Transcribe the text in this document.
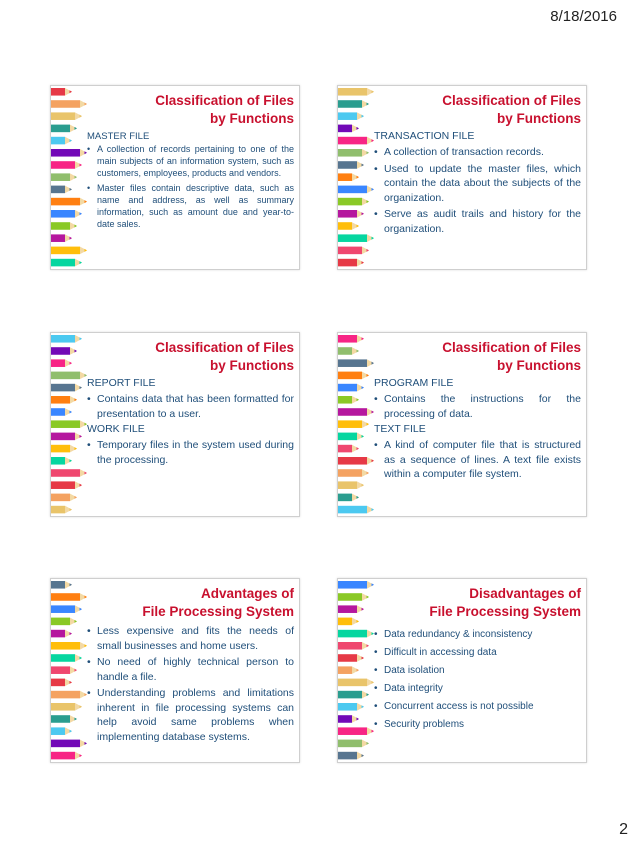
8/18/2016
Classification of Files
by Functions
MASTER FILE
• A collection of records pertaining to one of the main subjects of an information system, such as customers, employees, products and vendors.
• Master files contain descriptive data, such as name and address, as well as summary information, such as amount due and year-to-date sales.
Classification of Files
by Functions
TRANSACTION FILE
• A collection of transaction records.
• Used to update the master files, which contain the data about the subjects of the organization.
• Serve as audit trails and history for the organization.
Classification of Files
by Functions
REPORT FILE
• Contains data that has been formatted for presentation to a user.
WORK FILE
• Temporary files in the system used during the processing.
Classification of Files
by Functions
PROGRAM FILE
• Contains the instructions for the processing of data.
TEXT FILE
• A kind of computer file that is structured as a sequence of lines. A text file exists within a computer file system.
Advantages of
File Processing System
• Less expensive and fits the needs of small businesses and home users.
• No need of highly technical person to handle a file.
• Understanding problems and limitations inherent in file processing systems can help avoid same problems when implementing database systems.
Disadvantages of
File Processing System
• Data redundancy & inconsistency
• Difficult in accessing data
• Data isolation
• Data integrity
• Concurrent access is not possible
• Security problems
2
